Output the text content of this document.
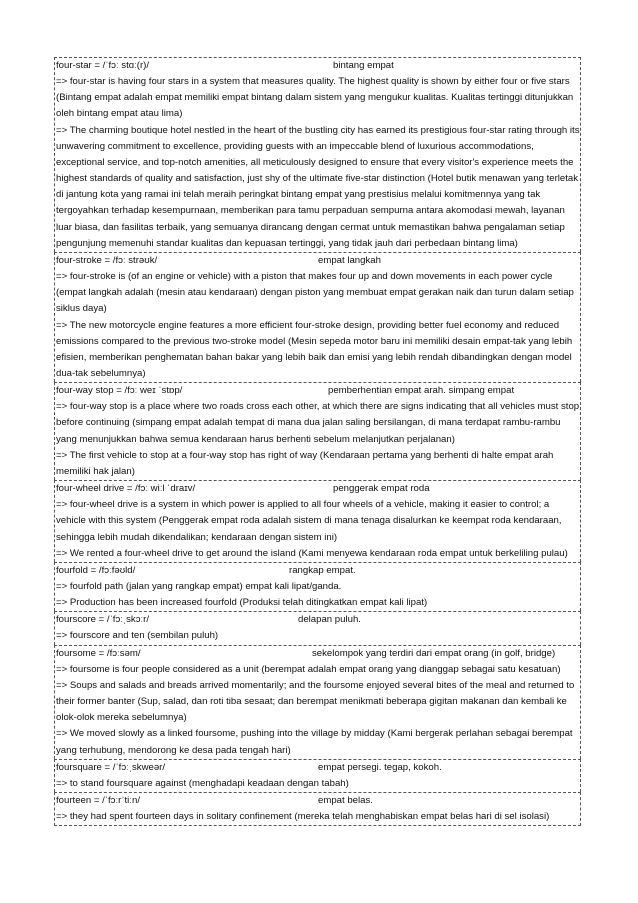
four-star = /ˈfɔː stɑː(r)/	bintang empat
=> four-star is having four stars in a system that measures quality. The highest quality is shown by either four or five stars (Bintang empat adalah empat memiliki empat bintang dalam sistem yang mengukur kualitas. Kualitas tertinggi ditunjukkan oleh bintang empat atau lima)
=> The charming boutique hotel nestled in the heart of the bustling city has earned its prestigious four-star rating through its unwavering commitment to excellence, providing guests with an impeccable blend of luxurious accommodations, exceptional service, and top-notch amenities, all meticulously designed to ensure that every visitor's experience meets the highest standards of quality and satisfaction, just shy of the ultimate five-star distinction (Hotel butik menawan yang terletak di jantung kota yang ramai ini telah meraih peringkat bintang empat yang prestisius melalui komitmennya yang tak tergoyahkan terhadap kesempurnaan, memberikan para tamu perpaduan sempurna antara akomodasi mewah, layanan luar biasa, dan fasilitas terbaik, yang semuanya dirancang dengan cermat untuk memastikan bahwa pengalaman setiap pengunjung memenuhi standar kualitas dan kepuasan tertinggi, yang tidak jauh dari perbedaan bintang lima)
four-stroke = /fɔː strəʊk/	empat langkah
=> four-stroke is (of an engine or vehicle) with a piston that makes four up and down movements in each power cycle (empat langkah adalah (mesin atau kendaraan) dengan piston yang membuat empat gerakan naik dan turun dalam setiap siklus daya)
=> The new motorcycle engine features a more efficient four-stroke design, providing better fuel economy and reduced emissions compared to the previous two-stroke model (Mesin sepeda motor baru ini memiliki desain empat-tak yang lebih efisien, memberikan penghematan bahan bakar yang lebih baik dan emisi yang lebih rendah dibandingkan dengan model dua-tak sebelumnya)
four-way stop = /fɔː weɪ ˈstɒp/	pemberhentian empat arah. simpang empat
=> four-way stop is a place where two roads cross each other, at which there are signs indicating that all vehicles must stop before continuing (simpang empat adalah tempat di mana dua jalan saling bersilangan, di mana terdapat rambu-rambu yang menunjukkan bahwa semua kendaraan harus berhenti sebelum melanjutkan perjalanan)
=> The first vehicle to stop at a four-way stop has right of way (Kendaraan pertama yang berhenti di halte empat arah memiliki hak jalan)
four-wheel drive = /fɔː wiːl ˈdraɪv/	penggerak empat roda
=> four-wheel drive is a system in which power is applied to all four wheels of a vehicle, making it easier to control; a vehicle with this system (Penggerak empat roda adalah sistem di mana tenaga disalurkan ke keempat roda kendaraan, sehingga lebih mudah dikendalikan; kendaraan dengan sistem ini)
=> We rented a four-wheel drive to get around the island (Kami menyewa kendaraan roda empat untuk berkeliling pulau)
fourfold = /fɔːfəʊld/	rangkap empat.
=> fourfold path (jalan yang rangkap empat) empat kali lipat/ganda.
=> Production has been increased fourfold (Produksi telah ditingkatkan empat kali lipat)
fourscore = /ˈfɔːˌskɔːr/	delapan puluh.
=> fourscore and ten (sembilan puluh)
foursome = /fɔːsəm/	sekelompok yang terdiri dari empat orang (in golf, bridge)
=> foursome is four people considered as a unit (berempat adalah empat orang yang dianggap sebagai satu kesatuan)
=> Soups and salads and breads arrived momentarily; and the foursome enjoyed several bites of the meal and returned to their former banter (Sup, salad, dan roti tiba sesaat; dan berempat menikmati beberapa gigitan makanan dan kembali ke olok-olok mereka sebelumnya)
=> We moved slowly as a linked foursome, pushing into the village by midday (Kami bergerak perlahan sebagai berempat yang terhubung, mendorong ke desa pada tengah hari)
foursquare = /ˈfɔːˌskweər/	empat persegi. tegap, kokoh.
=> to stand foursquare against (menghadapi keadaan dengan tabah)
fourteen = /ˈfɔːrˈtiːn/	empat belas.
=> they had spent fourteen days in solitary confinement (mereka telah menghabiskan empat belas hari di sel isolasi)
